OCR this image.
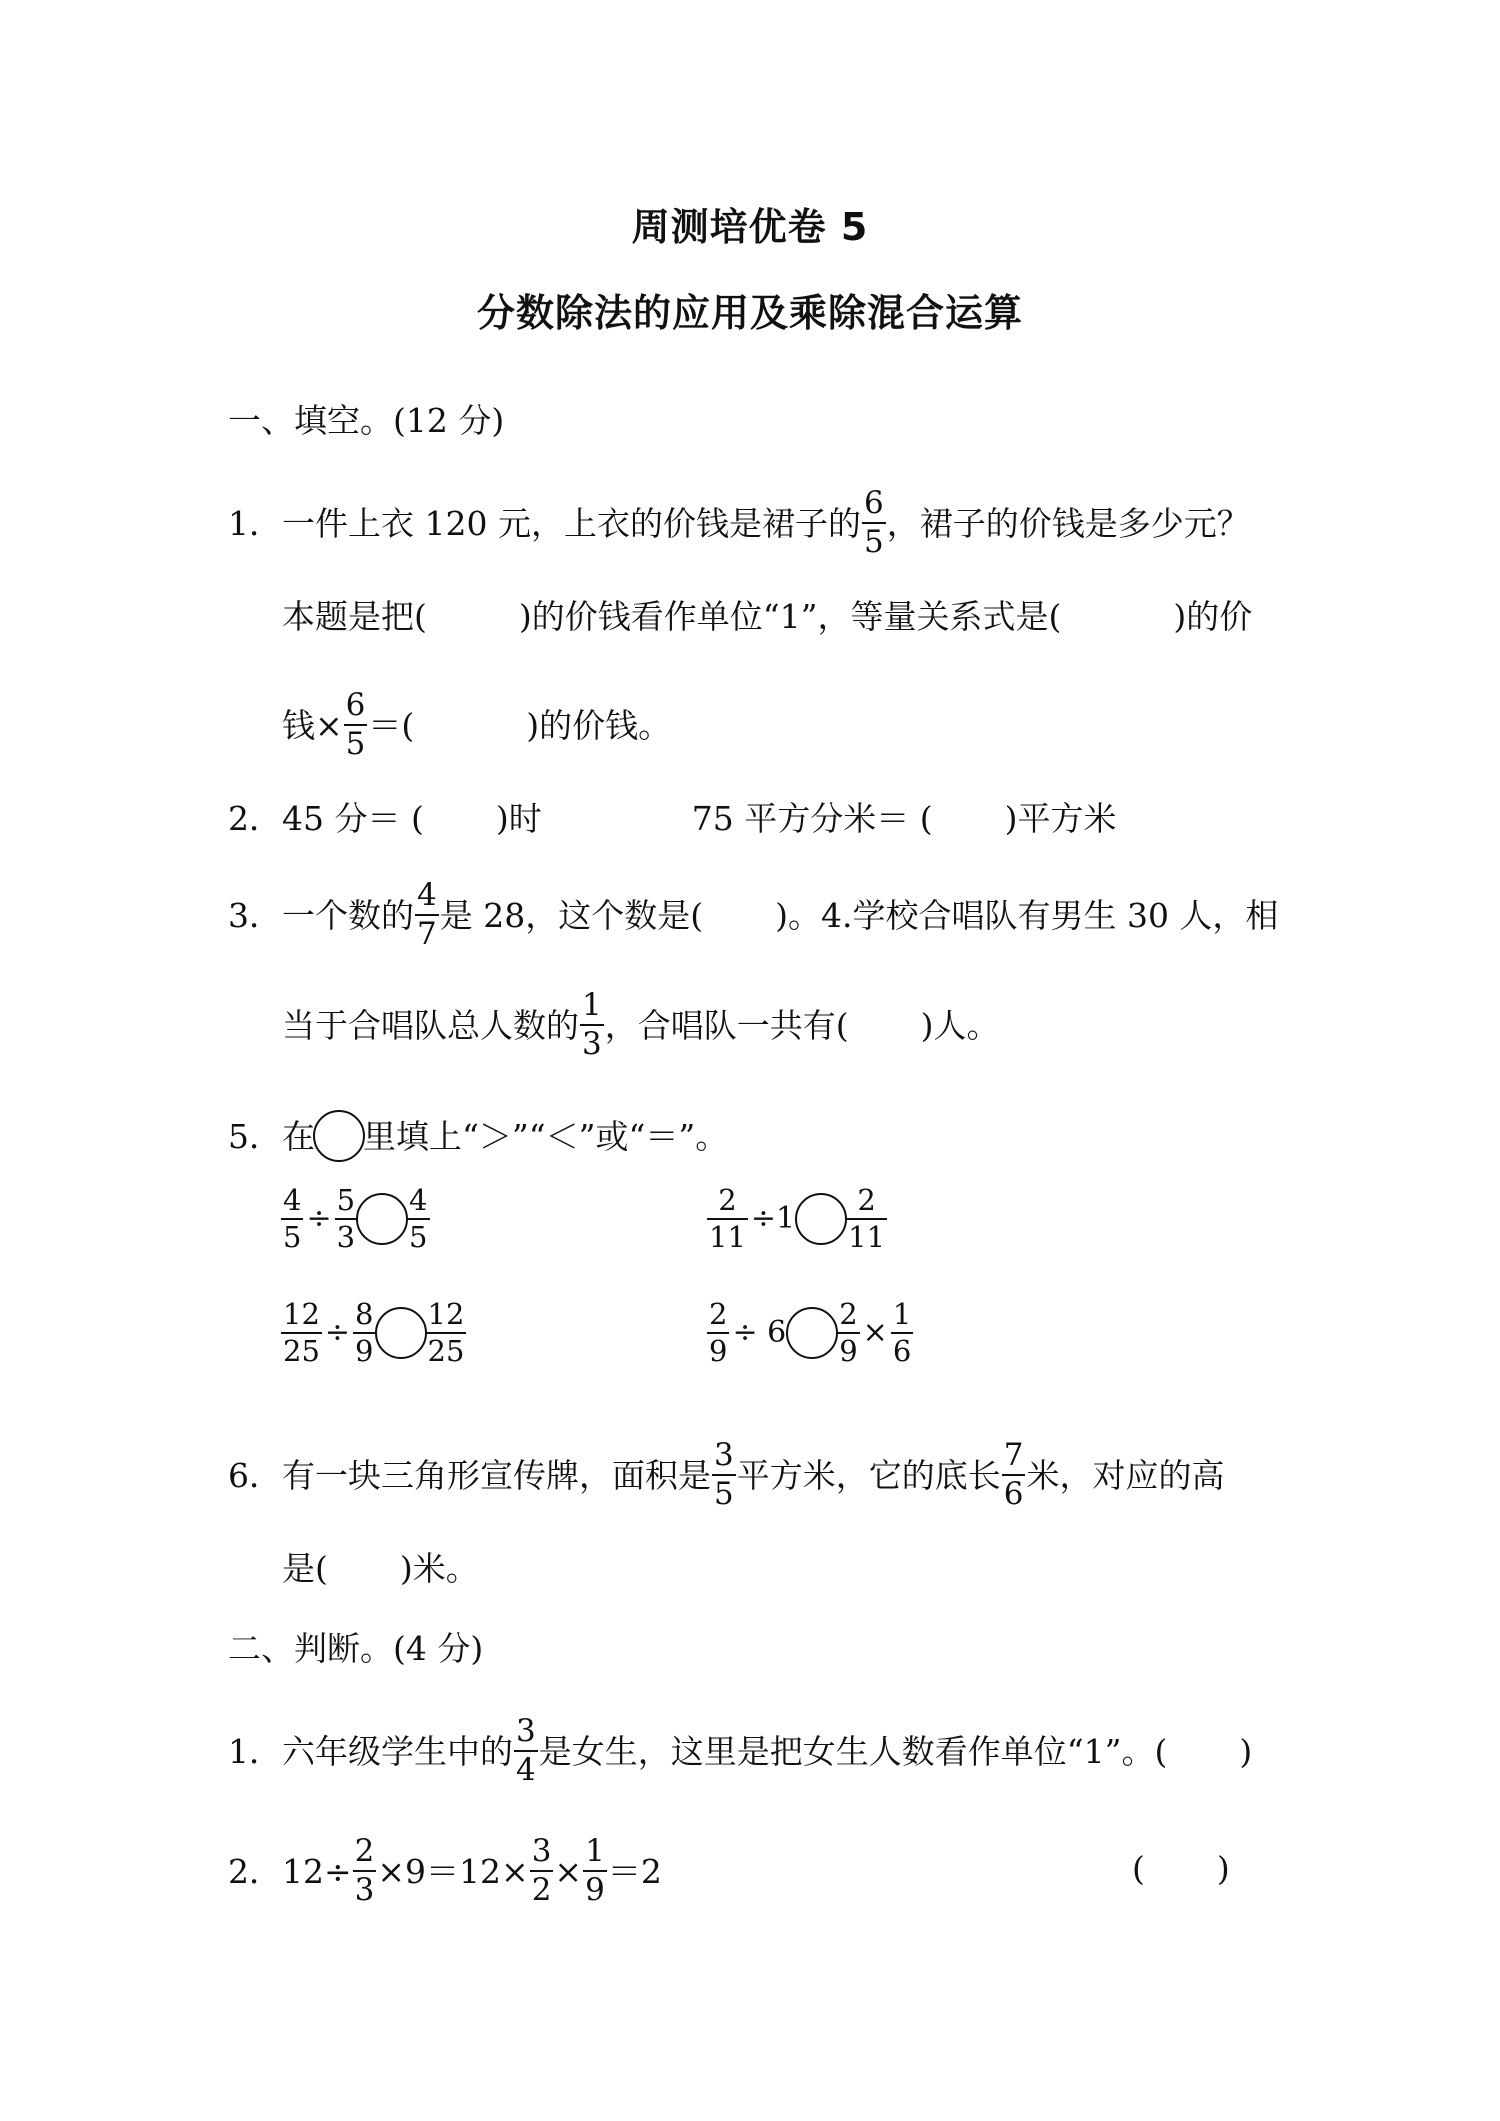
周测培优卷 5
分数除法的应用及乘除混合运算
一、填空。(12 分)
1． 一件上衣 120 元，上衣的价钱是裙子的 $\frac{6}{5}$ ，裙子的价钱是多少元？
本题是把(	)的价钱看作单位“1”，等量关系式是(	)的价
钱× $\frac{6}{5}$ ＝(	)的价钱。
2． 45 分＝ ( )时	75 平方分米＝ ( )平方米
3． 一个数的 $\frac{4}{7}$ 是 28，这个数是( )。4.学校合唱队有男生 30 人，相
当于合唱队总人数的 $\frac{1}{3}$ ，合唱队一共有( )人。
5． 在 里填上“＞”“＜”或“＝”。
$\frac{4}{5} \div \frac{5}{3} \frac{4}{5}$	$\frac{2}{11} \div 1 \frac{2}{11}$
$\frac{12}{25} \div \frac{8}{9} \frac{12}{25}$	$\frac{2}{9} \div 6 \frac{2}{9} \times \frac{1}{6}$
6． 有一块三角形宣传牌，面积是 $\frac{3}{5}$ 平方米，它的底长 $\frac{7}{6}$ 米，对应的高
是( )米。
二、判断。(4 分)
1． 六年级学生中的 $\frac{3}{4}$ 是女生，这里是把女生人数看作单位“1”。( )
2． $12\div \frac{2}{3} \times 9=12\times \frac{3}{2} \times \frac{1}{9} =2$	( )
